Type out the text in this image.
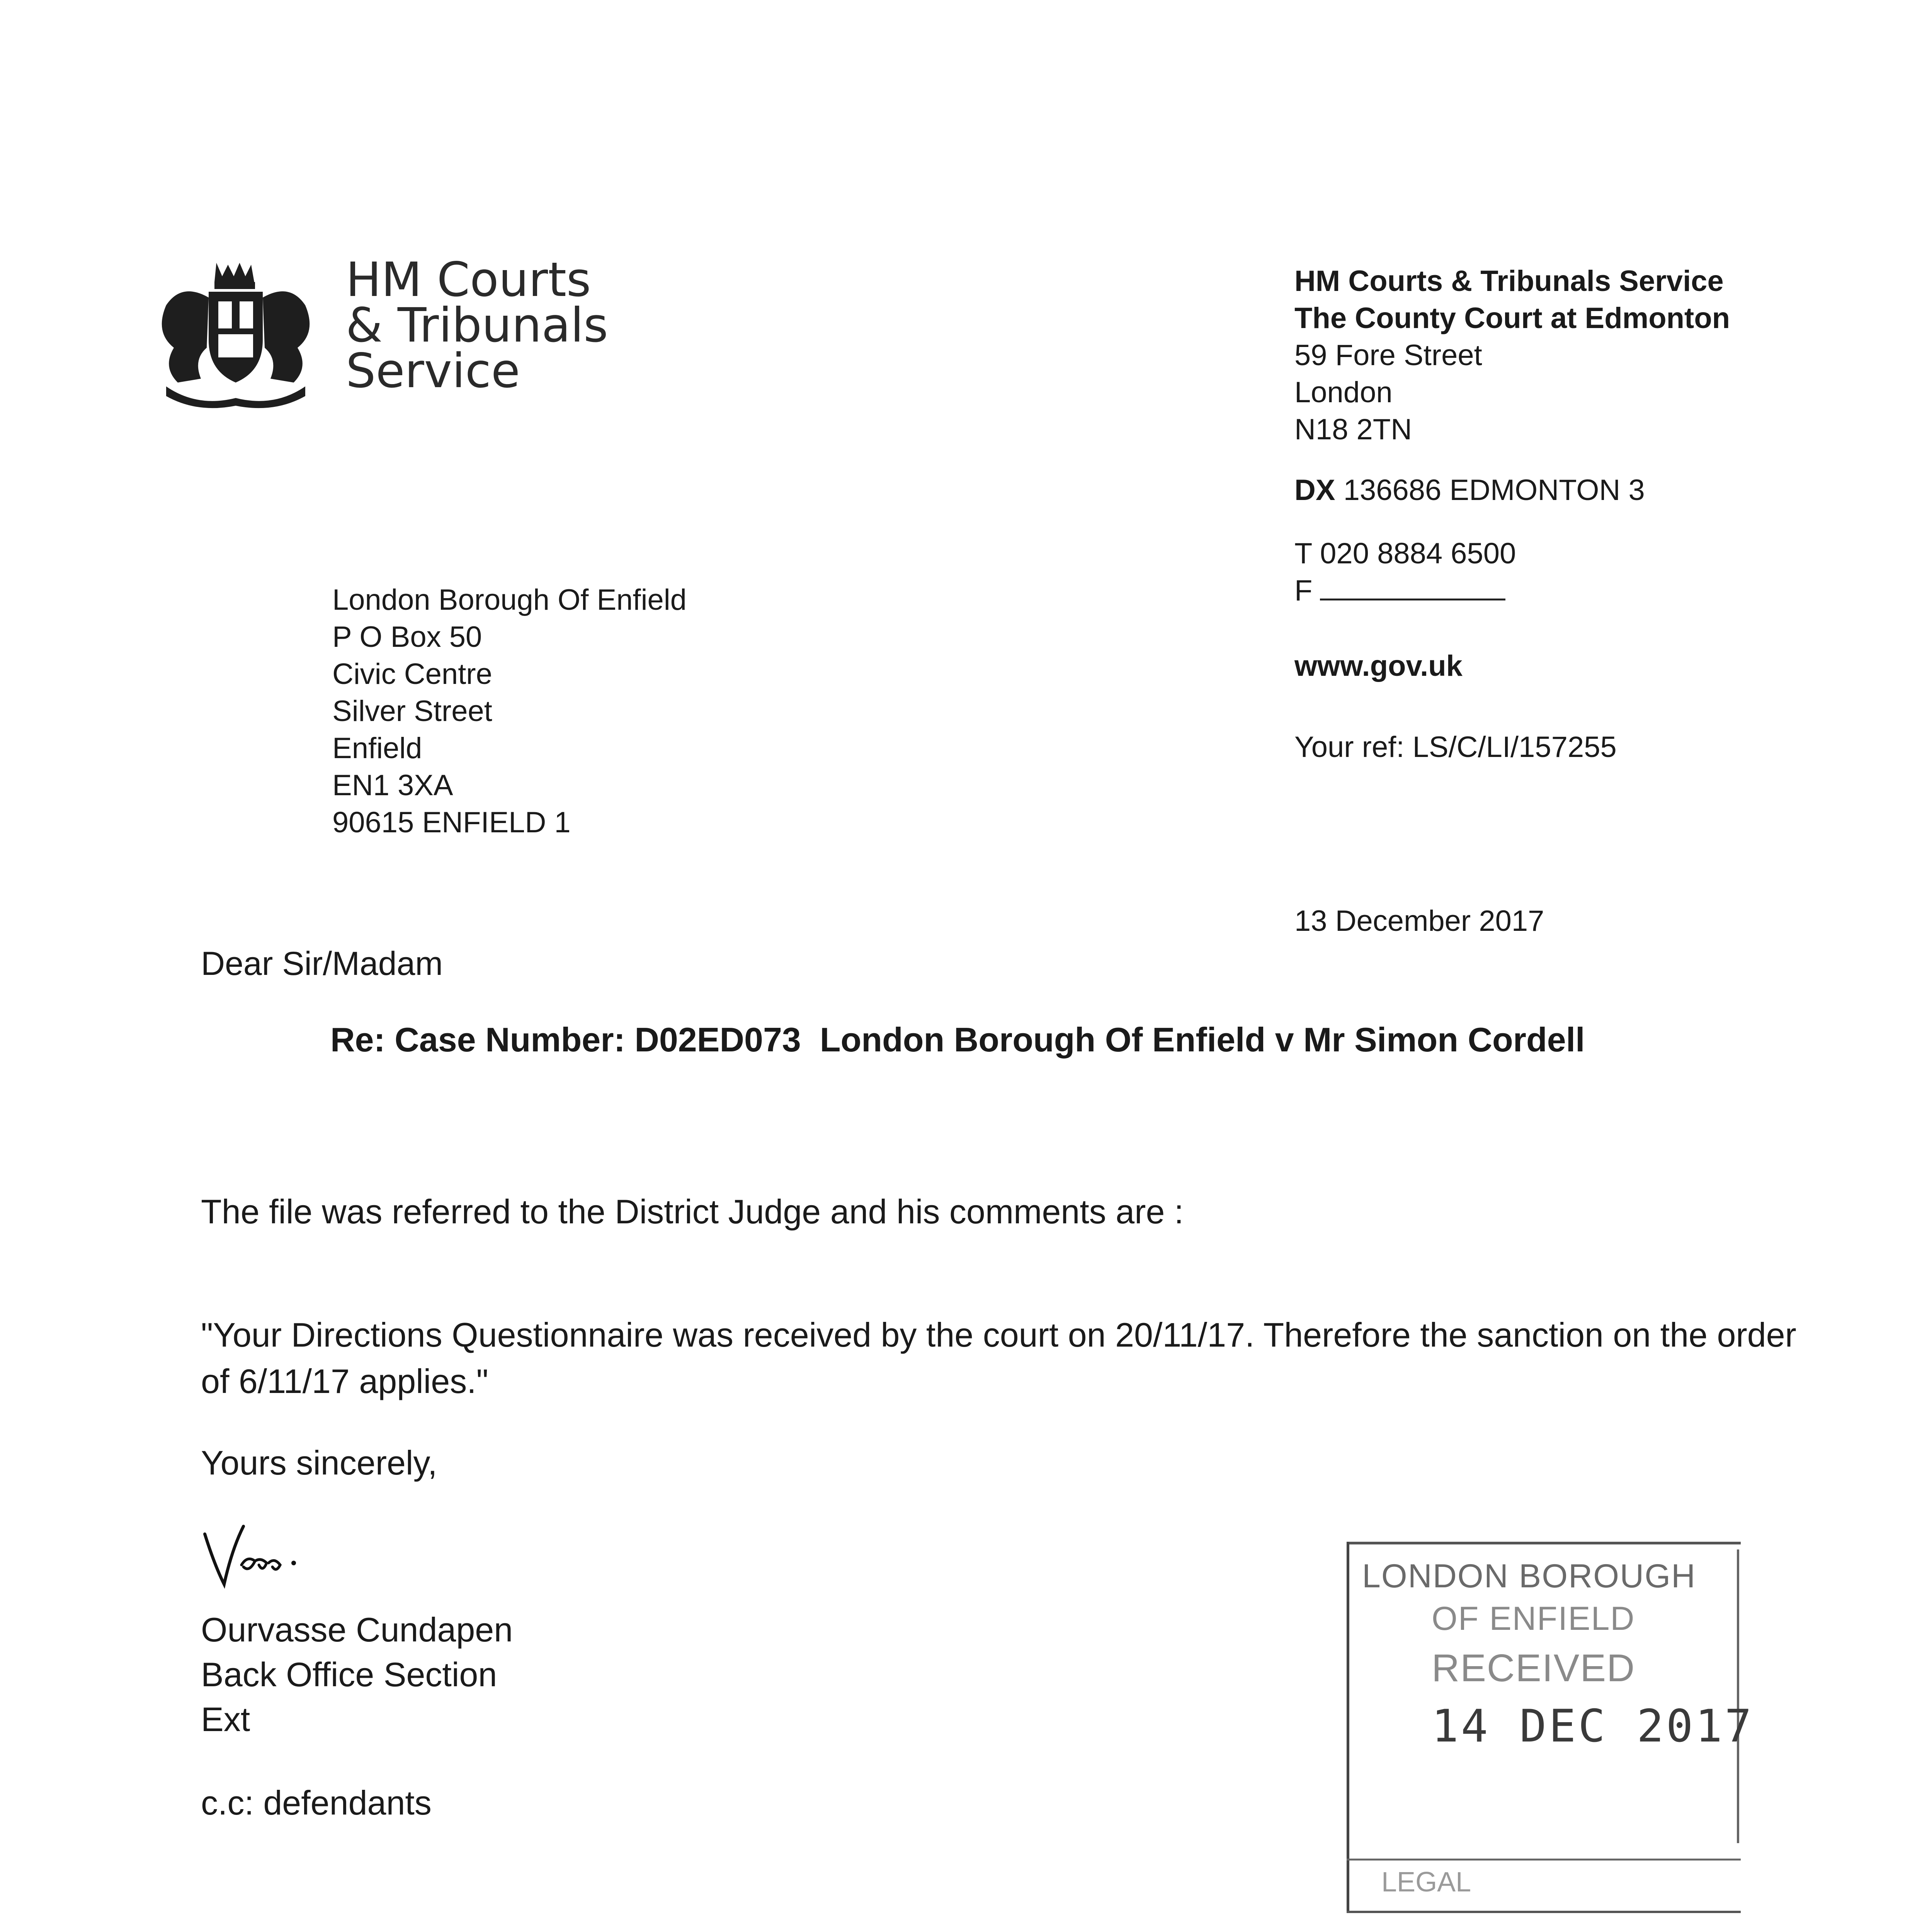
HM Courts
& Tribunals
Service
HM Courts & Tribunals Service
The County Court at Edmonton
59 Fore Street
London
N18 2TN
DX 136686 EDMONTON 3
T 020 8884 6500
F
www.gov.uk
Your ref: LS/C/LI/157255
London Borough Of Enfield
P O Box 50
Civic Centre
Silver Street
Enfield
EN1 3XA
90615 ENFIELD 1
13 December 2017
Dear Sir/Madam
Re: Case Number: D02ED073  London Borough Of Enfield v Mr Simon Cordell
The file was referred to the District Judge and his comments are :
"Your Directions Questionnaire was received by the court on 20/11/17. Therefore the sanction on the order of 6/11/17 applies."
Yours sincerely,
Ourvasse Cundapen
Back Office Section
Ext
c.c: defendants
LONDON BOROUGH
OF ENFIELD
RECEIVED
14 DEC 2017
LEGAL
